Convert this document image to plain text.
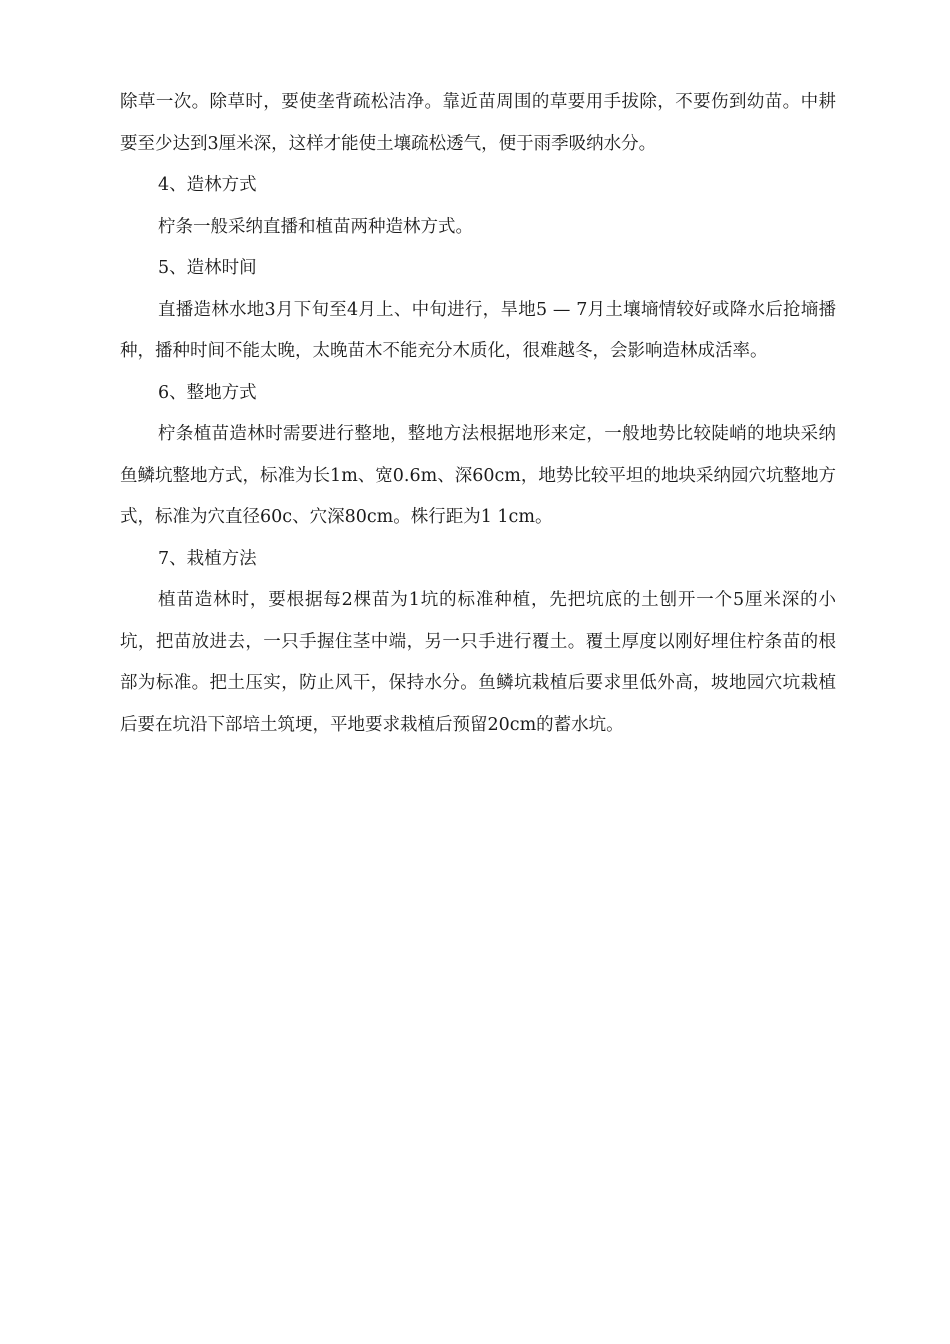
除草一次。除草时，要使垄背疏松洁净。靠近苗周围的草要用手拔除，不要伤到幼苗。中耕要至少达到3厘米深，这样才能使土壤疏松透气，便于雨季吸纳水分。

4、造林方式

柠条一般采纳直播和植苗两种造林方式。

5、造林时间

直播造林水地3月下旬至4月上、中旬进行，旱地5 — 7月土壤墒情较好或降水后抢墒播种，播种时间不能太晚，太晚苗木不能充分木质化，很难越冬，会影响造林成活率。

6、整地方式

柠条植苗造林时需要进行整地，整地方法根据地形来定，一般地势比较陡峭的地块采纳鱼鳞坑整地方式，标准为长1m、宽0.6m、深60cm，地势比较平坦的地块采纳园穴坑整地方式，标准为穴直径60c、穴深80cm。株行距为1 1cm。

7、栽植方法

植苗造林时，要根据每2棵苗为1坑的标准种植，先把坑底的土刨开一个5厘米深的小坑，把苗放进去，一只手握住茎中端，另一只手进行覆土。覆土厚度以刚好埋住柠条苗的根部为标准。把土压实，防止风干，保持水分。鱼鳞坑栽植后要求里低外高，坡地园穴坑栽植后要在坑沿下部培土筑埂，平地要求栽植后预留20cm的蓄水坑。
